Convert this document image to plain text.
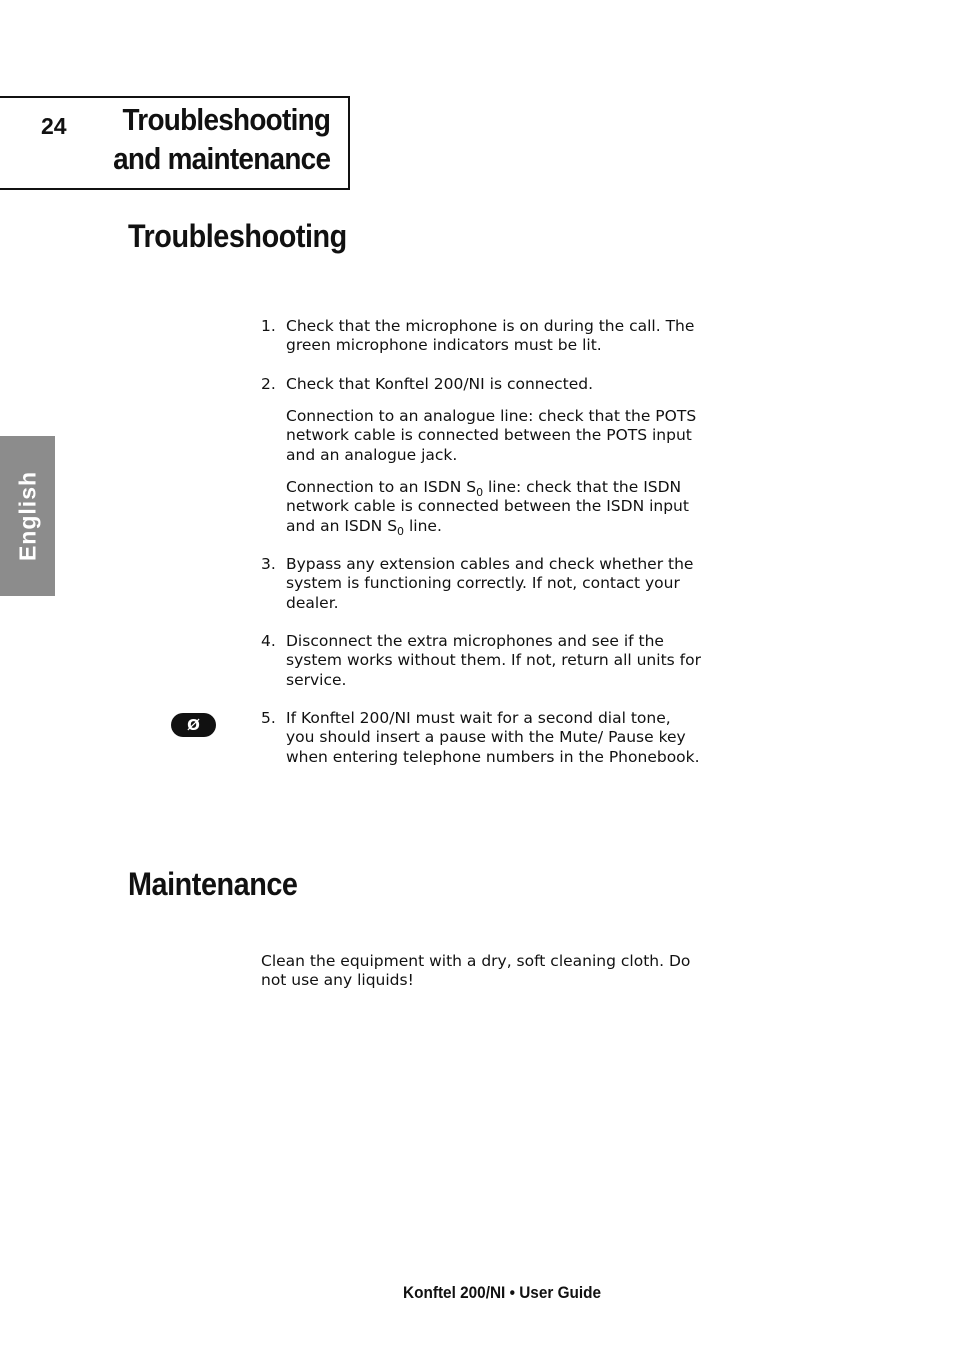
24	Troubleshooting
and maintenance
English
Troubleshooting
1. Check that the microphone is on during the call. The green microphone indicators must be lit.
2. Check that Konftel 200/NI is connected.
Connection to an analogue line: check that the POTS network cable is connected between the POTS input and an analogue jack.
Connection to an ISDN $S_0$ line: check that the ISDN network cable is connected between the ISDN input and an ISDN $S_0$ line.
3. Bypass any extension cables and check whether the system is functioning correctly. If not, contact your dealer.
4. Disconnect the extra microphones and see if the system works without them. If not, return all units for service.
Ø	5. If Konftel 200/NI must wait for a second dial tone, you should insert a pause with the Mute/ Pause key when entering telephone numbers in the Phonebook.
Maintenance
Clean the equipment with a dry, soft cleaning cloth. Do not use any liquids!
Konftel 200/NI • User Guide
